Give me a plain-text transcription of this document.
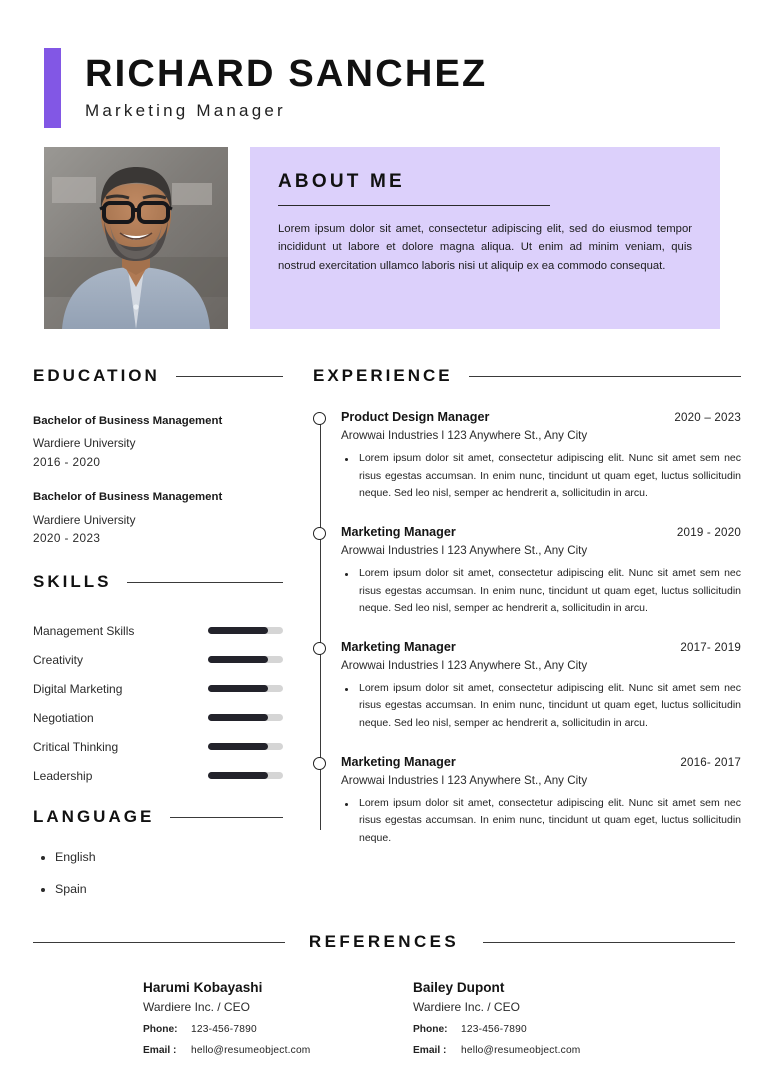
RICHARD SANCHEZ
Marketing Manager
ABOUT ME
Lorem ipsum dolor sit amet, consectetur adipiscing elit, sed do eiusmod tempor incididunt ut labore et dolore magna aliqua. Ut enim ad minim veniam, quis nostrud exercitation ullamco laboris nisi ut aliquip ex ea commodo consequat.
EDUCATION
Bachelor of Business Management
Wardiere University
2016 - 2020
Bachelor of Business Management
Wardiere University
2020 - 2023
SKILLS
Management Skills
Creativity
Digital Marketing
Negotiation
Critical Thinking
Leadership
LANGUAGE
• English
• Spain
EXPERIENCE
Product Design Manager	2020 – 2023
Arowwai Industries l 123 Anywhere St., Any City
Lorem ipsum dolor sit amet, consectetur adipiscing elit. Nunc sit amet sem nec risus egestas accumsan. In enim nunc, tincidunt ut quam eget, luctus sollicitudin neque. Sed leo nisl, semper ac hendrerit a, sollicitudin in arcu.
Marketing Manager	2019 - 2020
Arowwai Industries l 123 Anywhere St., Any City
Lorem ipsum dolor sit amet, consectetur adipiscing elit. Nunc sit amet sem nec risus egestas accumsan. In enim nunc, tincidunt ut quam eget, luctus sollicitudin neque. Sed leo nisl, semper ac hendrerit a, sollicitudin in arcu.
Marketing Manager	2017- 2019
Arowwai Industries l 123 Anywhere St., Any City
Lorem ipsum dolor sit amet, consectetur adipiscing elit. Nunc sit amet sem nec risus egestas accumsan. In enim nunc, tincidunt ut quam eget, luctus sollicitudin neque. Sed leo nisl, semper ac hendrerit a, sollicitudin in arcu.
Marketing Manager	2016- 2017
Arowwai Industries l 123 Anywhere St., Any City
Lorem ipsum dolor sit amet, consectetur adipiscing elit. Nunc sit amet sem nec risus egestas accumsan. In enim nunc, tincidunt ut quam eget, luctus sollicitudin neque.
REFERENCES
Harumi Kobayashi
Wardiere Inc. / CEO
Phone:	123-456-7890
Email :	hello@resumeobject.com
Bailey Dupont
Wardiere Inc. / CEO
Phone:	123-456-7890
Email :	hello@resumeobject.com
